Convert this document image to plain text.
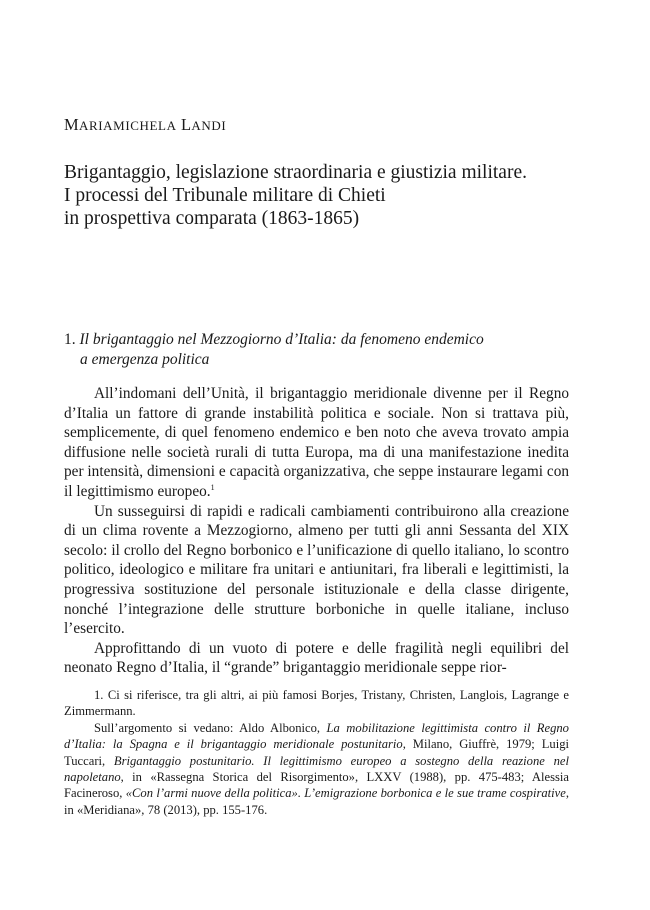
MARIAMICHELA LANDI
Brigantaggio, legislazione straordinaria e giustizia militare.
I processi del Tribunale militare di Chieti
in prospettiva comparata (1863-1865)
1. Il brigantaggio nel Mezzogiorno d’Italia: da fenomeno endemico
a emergenza politica

All’indomani dell’Unità, il brigantaggio meridionale divenne per il Regno d’Italia un fattore di grande instabilità politica e sociale. Non si trattava più, semplicemente, di quel fenomeno endemico e ben noto che aveva trovato ampia diffusione nelle società rurali di tutta Europa, ma di una manifestazione inedita per intensità, dimensioni e capacità organizzativa, che seppe instaurare legami con il legittimismo europeo.$^1$

Un susseguirsi di rapidi e radicali cambiamenti contribuirono alla creazione di un clima rovente a Mezzogiorno, almeno per tutti gli anni Sessanta del XIX secolo: il crollo del Regno borbonico e l’unificazione di quello italiano, lo scontro politico, ideologico e militare fra unitari e antiunitari, fra liberali e legittimisti, la progressiva sostituzione del personale istituzionale e della classe dirigente, nonché l’integrazione delle strutture borboniche in quelle italiane, incluso l’esercito.

Approfittando di un vuoto di potere e delle fragilità negli equilibri del neonato Regno d’Italia, il “grande” brigantaggio meridionale seppe rior-

1. Ci si riferisce, tra gli altri, ai più famosi Borjes, Tristany, Christen, Langlois, Lagrange e Zimmermann.

Sull’argomento si vedano: Aldo Albonico, La mobilitazione legittimista contro il Regno d’Italia: la Spagna e il brigantaggio meridionale postunitario, Milano, Giuffrè, 1979; Luigi Tuccari, Brigantaggio postunitario. Il legittimismo europeo a sostegno della reazione nel napoletano, in «Rassegna Storica del Risorgimento», LXXV (1988), pp. 475-483; Alessia Facineroso, «Con l’armi nuove della politica». L’emigrazione borbonica e le sue trame cospirative, in «Meridiana», 78 (2013), pp. 155-176.
